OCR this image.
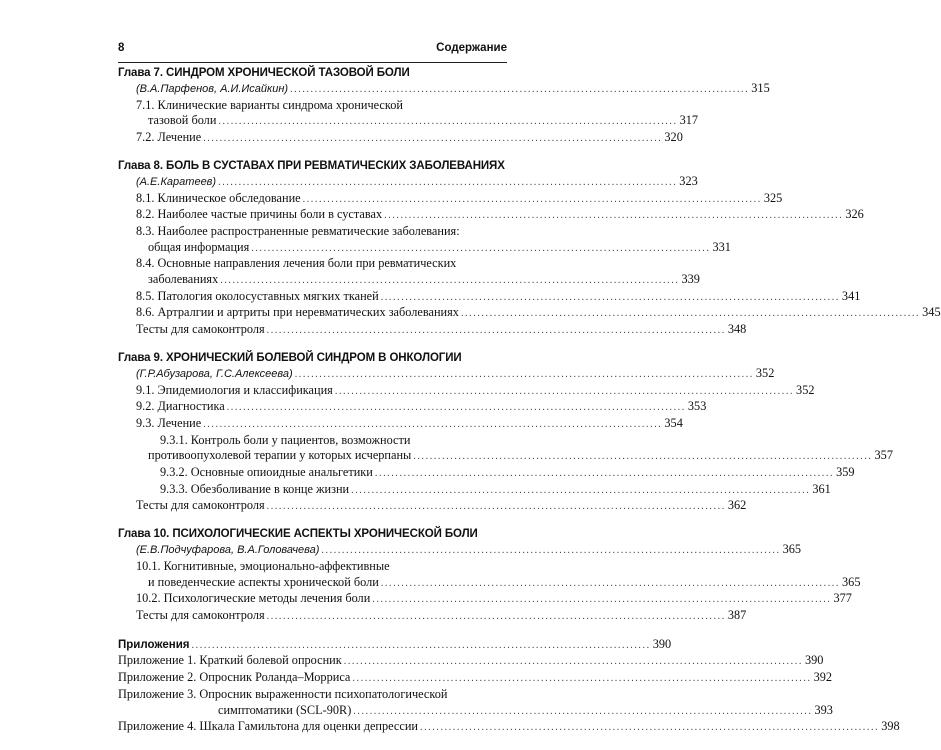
8	Содержание
Глава 7. СИНДРОМ ХРОНИЧЕСКОЙ ТАЗОВОЙ БОЛИ
(В.А.Парфенов, А.И.Исайкин) ................................................................................................................ 315
7.1. Клинические варианты синдрома хронической
тазовой боли ................................................................................................................ 317
7.2. Лечение ................................................................................................................ 320
Глава 8. БОЛЬ В СУСТАВАХ ПРИ РЕВМАТИЧЕСКИХ ЗАБОЛЕВАНИЯХ
(А.Е.Каратеев) ................................................................................................................ 323
8.1. Клиническое обследование ................................................................................................................ 325
8.2. Наиболее частые причины боли в суставах ................................................................................................................ 326
8.3. Наиболее распространенные ревматические заболевания:
общая информация ................................................................................................................ 331
8.4. Основные направления лечения боли при ревматических
заболеваниях ................................................................................................................ 339
8.5. Патология околосуставных мягких тканей ................................................................................................................ 341
8.6. Артралгии и артриты при неревматических заболеваниях ................................................................................................................ 345
Тесты для самоконтроля ................................................................................................................ 348
Глава 9. ХРОНИЧЕСКИЙ БОЛЕВОЙ СИНДРОМ В ОНКОЛОГИИ
(Г.Р.Абузарова, Г.С.Алексеева) ................................................................................................................ 352
9.1. Эпидемиология и классификация ................................................................................................................ 352
9.2. Диагностика ................................................................................................................ 353
9.3. Лечение ................................................................................................................ 354
9.3.1. Контроль боли у пациентов, возможности
противоопухолевой терапии у которых исчерпаны ................................................................................................................ 357
9.3.2. Основные опиоидные анальгетики ................................................................................................................ 359
9.3.3. Обезболивание в конце жизни ................................................................................................................ 361
Тесты для самоконтроля ................................................................................................................ 362
Глава 10. ПСИХОЛОГИЧЕСКИЕ АСПЕКТЫ ХРОНИЧЕСКОЙ БОЛИ
(Е.В.Подчуфарова, В.А.Головачева) ................................................................................................................ 365
10.1. Когнитивные, эмоционально-аффективные
и поведенческие аспекты хронической боли ................................................................................................................ 365
10.2. Психологические методы лечения боли ................................................................................................................ 377
Тесты для самоконтроля ................................................................................................................ 387
Приложения ................................................................................................................ 390
Приложение 1. Краткий болевой опросник ................................................................................................................ 390
Приложение 2. Опросник Роланда–Морриса ................................................................................................................ 392
Приложение 3. Опросник выраженности психопатологической
симптоматики (SCL-90R) ................................................................................................................ 393
Приложение 4. Шкала Гамильтона для оценки депрессии ................................................................................................................ 398
